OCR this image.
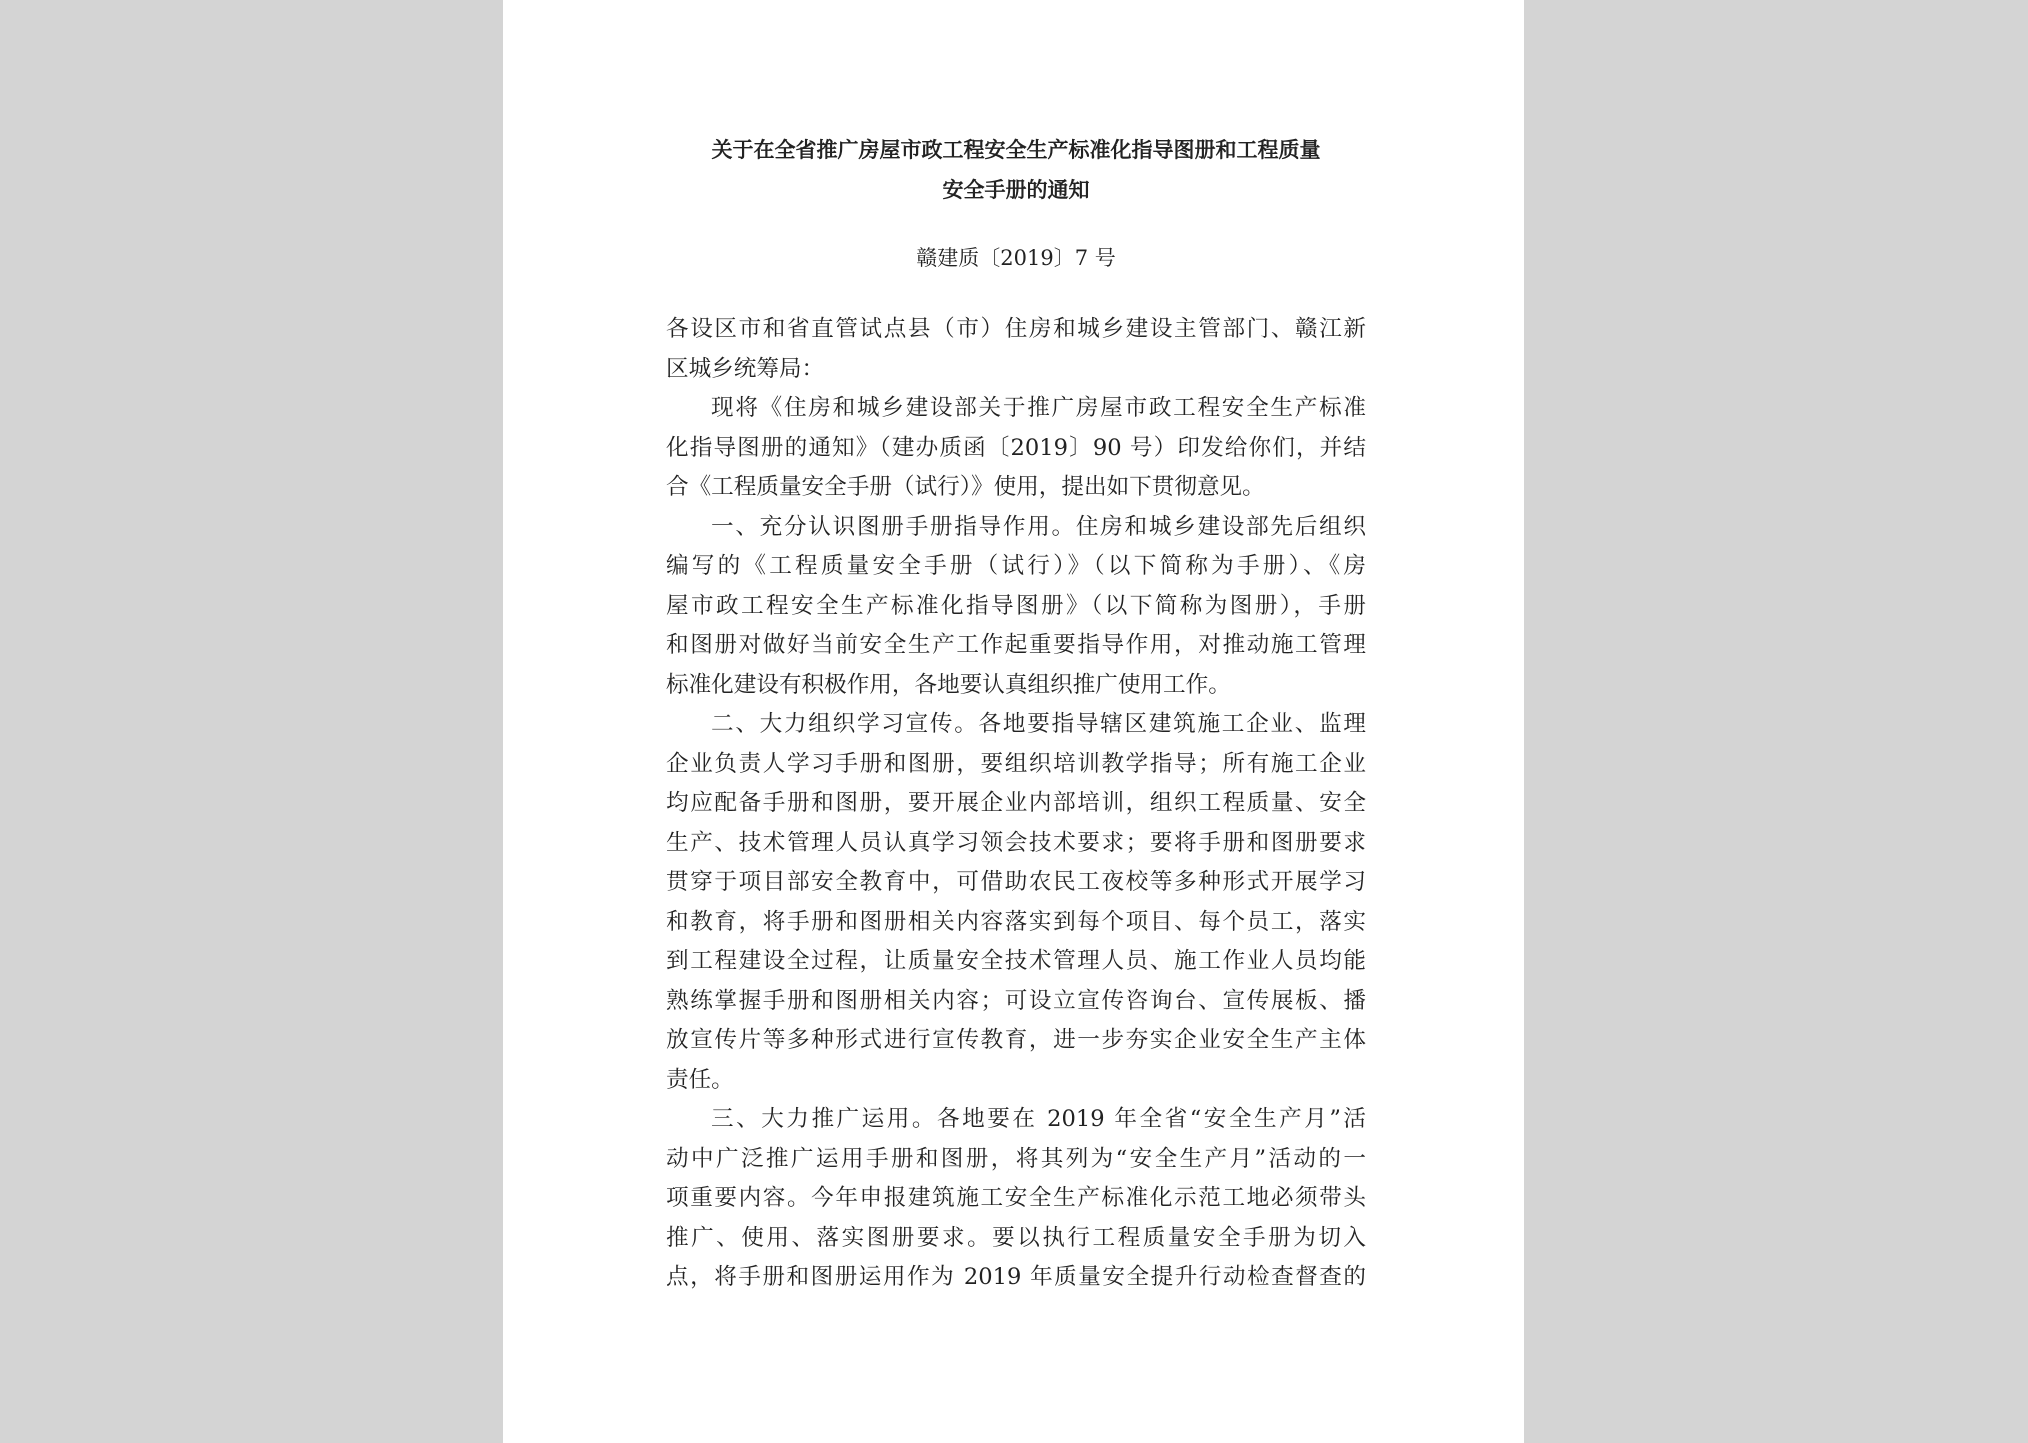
关于在全省推广房屋市政工程安全生产标准化指导图册和工程质量
安全手册的通知
赣建质〔2019〕7 号
各设区市和省直管试点县（市）住房和城乡建设主管部门、赣江新
区城乡统筹局：
现将《住房和城乡建设部关于推广房屋市政工程安全生产标准
化指导图册的通知》（建办质函〔2019〕90 号）印发给你们，并结
合《工程质量安全手册（试行）》使用，提出如下贯彻意见。
一、充分认识图册手册指导作用。住房和城乡建设部先后组织
编写的《工程质量安全手册（试行）》（以下简称为手册）、《房
屋市政工程安全生产标准化指导图册》（以下简称为图册），手册
和图册对做好当前安全生产工作起重要指导作用，对推动施工管理
标准化建设有积极作用，各地要认真组织推广使用工作。
二、大力组织学习宣传。各地要指导辖区建筑施工企业、监理
企业负责人学习手册和图册，要组织培训教学指导；所有施工企业
均应配备手册和图册，要开展企业内部培训，组织工程质量、安全
生产、技术管理人员认真学习领会技术要求；要将手册和图册要求
贯穿于项目部安全教育中，可借助农民工夜校等多种形式开展学习
和教育，将手册和图册相关内容落实到每个项目、每个员工，落实
到工程建设全过程，让质量安全技术管理人员、施工作业人员均能
熟练掌握手册和图册相关内容；可设立宣传咨询台、宣传展板、播
放宣传片等多种形式进行宣传教育，进一步夯实企业安全生产主体
责任。
三、大力推广运用。各地要在 2019 年全省“安全生产月”活
动中广泛推广运用手册和图册，将其列为“安全生产月”活动的一
项重要内容。今年申报建筑施工安全生产标准化示范工地必须带头
推广、使用、落实图册要求。要以执行工程质量安全手册为切入
点，将手册和图册运用作为 2019 年质量安全提升行动检查督查的
